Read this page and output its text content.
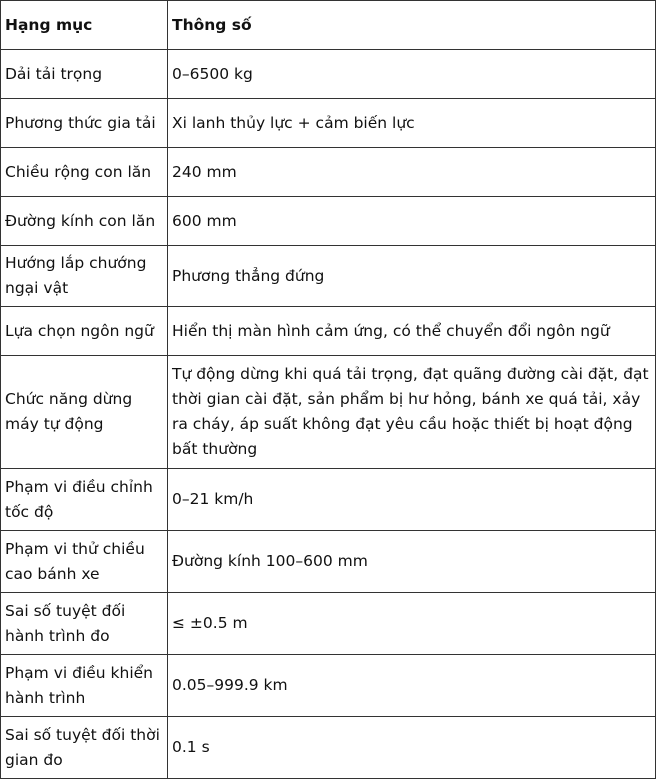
Hạng mục	Thông số
Dải tải trọng	0–6500 kg
Phương thức gia tải	Xi lanh thủy lực + cảm biến lực
Chiều rộng con lăn	240 mm
Đường kính con lăn	600 mm
Hướng lắp chướng ngại vật	Phương thẳng đứng
Lựa chọn ngôn ngữ	Hiển thị màn hình cảm ứng, có thể chuyển đổi ngôn ngữ
Chức năng dừng máy tự động	Tự động dừng khi quá tải trọng, đạt quãng đường cài đặt, đạt thời gian cài đặt, sản phẩm bị hư hỏng, bánh xe quá tải, xảy ra cháy, áp suất không đạt yêu cầu hoặc thiết bị hoạt động bất thường
Phạm vi điều chỉnh tốc độ	0–21 km/h
Phạm vi thử chiều cao bánh xe	Đường kính 100–600 mm
Sai số tuyệt đối hành trình đo	≤ ±0.5 m
Phạm vi điều khiển hành trình	0.05–999.9 km
Sai số tuyệt đối thời gian đo	0.1 s
